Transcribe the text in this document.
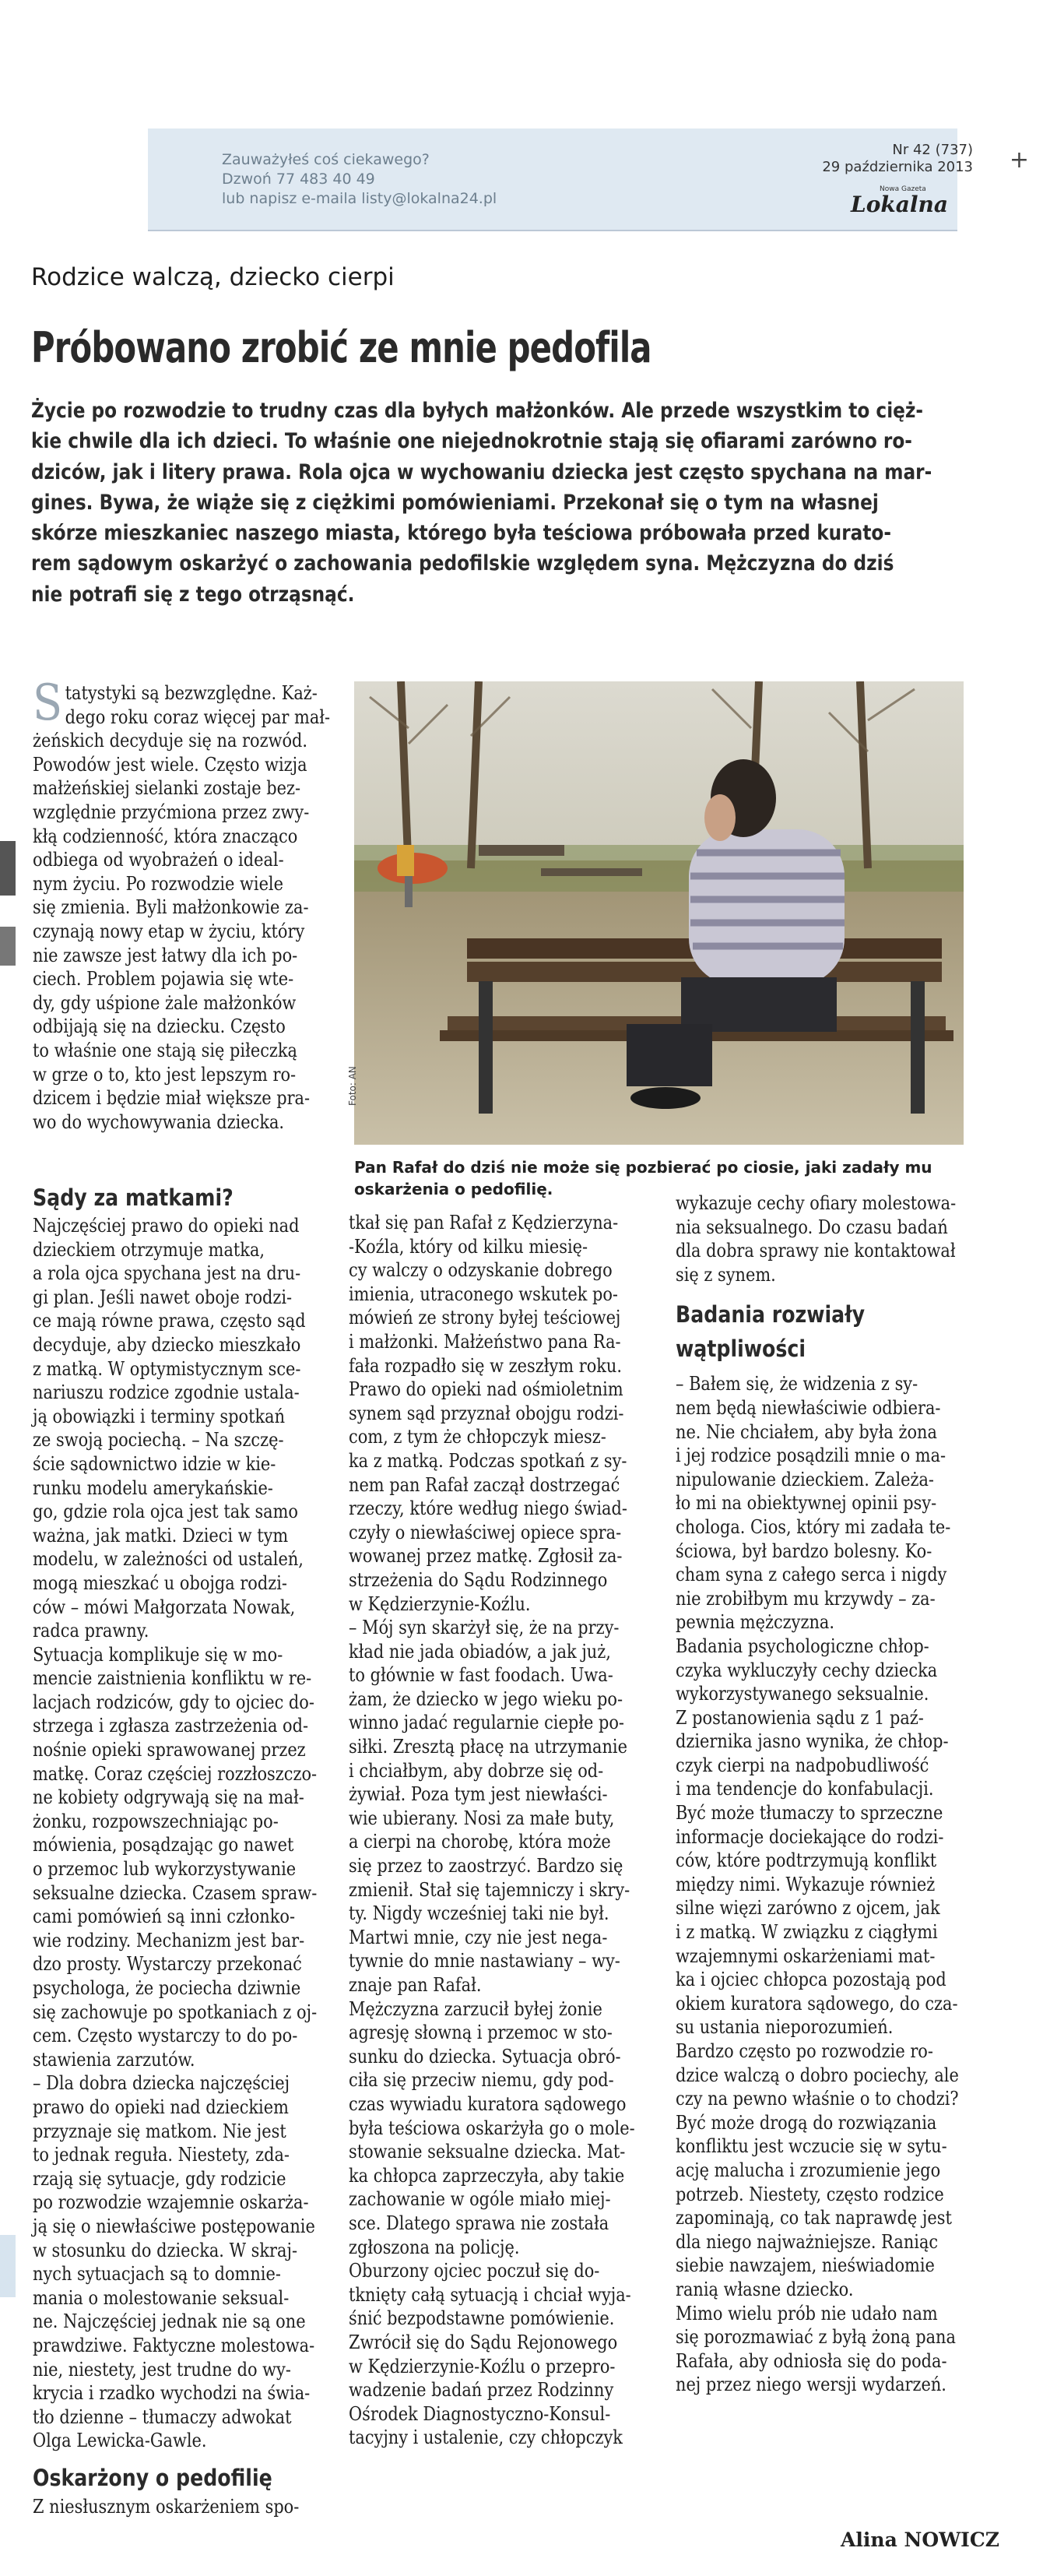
Zauważyłeś coś ciekawego?
Dzwoń 77 483 40 49
lub napisz e-maila listy@lokalna24.pl
Nr 42 (737)
29 października 2013
Nowa Gazeta
Lokalna
+
Rodzice walczą, dziecko cierpi
Próbowano zrobić ze mnie pedofila
Życie po rozwodzie to trudny czas dla byłych małżonków. Ale przede wszystkim to cięż-
kie chwile dla ich dzieci. To właśnie one niejednokrotnie stają się ofiarami zarówno ro-
dziców, jak i litery prawa. Rola ojca w wychowaniu dziecka jest często spychana na mar-
gines. Bywa, że wiąże się z ciężkimi pomówieniami. Przekonał się o tym na własnej
skórze mieszkaniec naszego miasta, którego była teściowa próbowała przed kurato-
rem sądowym oskarżyć o zachowania pedofilskie względem syna. Mężczyzna do dziś
nie potrafi się z tego otrząsnąć.
S tatystyki są bezwzględne. Każ-
dego roku coraz więcej par mał-
żeńskich decyduje się na rozwód.
Powodów jest wiele. Często wizja
małżeńskiej sielanki zostaje bez-
względnie przyćmiona przez zwy-
kłą codzienność, która znacząco
odbiega od wyobrażeń o ideal-
nym życiu. Po rozwodzie wiele
się zmienia. Byli małżonkowie za-
czynają nowy etap w życiu, który
nie zawsze jest łatwy dla ich po-
ciech. Problem pojawia się wte-
dy, gdy uśpione żale małżonków
odbijają się na dziecku. Często
to właśnie one stają się piłeczką
w grze o to, kto jest lepszym ro-
dzicem i będzie miał większe pra-
wo do wychowywania dziecka.
Foto: AN
Pan Rafał do dziś nie może się pozbierać po ciosie, jaki zadały mu
oskarżenia o pedofilię.
Sądy za matkami?
Najczęściej prawo do opieki nad
dzieckiem otrzymuje matka,
a rola ojca spychana jest na dru-
gi plan. Jeśli nawet oboje rodzi-
ce mają równe prawa, często sąd
decyduje, aby dziecko mieszkało
z matką. W optymistycznym sce-
nariuszu rodzice zgodnie ustala-
ją obowiązki i terminy spotkań
ze swoją pociechą. – Na szczę-
ście sądownictwo idzie w kie-
runku modelu amerykańskie-
go, gdzie rola ojca jest tak samo
ważna, jak matki. Dzieci w tym
modelu, w zależności od ustaleń,
mogą mieszkać u obojga rodzi-
ców – mówi Małgorzata Nowak,
radca prawny.
Sytuacja komplikuje się w mo-
mencie zaistnienia konfliktu w re-
lacjach rodziców, gdy to ojciec do-
strzega i zgłasza zastrzeżenia od-
nośnie opieki sprawowanej przez
matkę. Coraz częściej rozzłoszczo-
ne kobiety odgrywają się na mał-
żonku, rozpowszechniając po-
mówienia, posądzając go nawet
o przemoc lub wykorzystywanie
seksualne dziecka. Czasem spraw-
cami pomówień są inni członko-
wie rodziny. Mechanizm jest bar-
dzo prosty. Wystarczy przekonać
psychologa, że pociecha dziwnie
się zachowuje po spotkaniach z oj-
cem. Często wystarczy to do po-
stawienia zarzutów.
– Dla dobra dziecka najczęściej
prawo do opieki nad dzieckiem
przyznaje się matkom. Nie jest
to jednak reguła. Niestety, zda-
rzają się sytuacje, gdy rodzicie
po rozwodzie wzajemnie oskarża-
ją się o niewłaściwe postępowanie
w stosunku do dziecka. W skraj-
nych sytuacjach są to domnie-
mania o molestowanie seksual-
ne. Najczęściej jednak nie są one
prawdziwe. Faktyczne molestowa-
nie, niestety, jest trudne do wy-
krycia i rzadko wychodzi na świa-
tło dzienne – tłumaczy adwokat
Olga Lewicka-Gawle.
Oskarżony o pedofilię
Z niesłusznym oskarżeniem spo-
tkał się pan Rafał z Kędzierzyna-
-Koźla, który od kilku miesię-
cy walczy o odzyskanie dobrego
imienia, utraconego wskutek po-
mówień ze strony byłej teściowej
i małżonki. Małżeństwo pana Ra-
fała rozpadło się w zeszłym roku.
Prawo do opieki nad ośmioletnim
synem sąd przyznał obojgu rodzi-
com, z tym że chłopczyk miesz-
ka z matką. Podczas spotkań z sy-
nem pan Rafał zaczął dostrzegać
rzeczy, które według niego świad-
czyły o niewłaściwej opiece spra-
wowanej przez matkę. Zgłosił za-
strzeżenia do Sądu Rodzinnego
w Kędzierzynie-Koźlu.
– Mój syn skarżył się, że na przy-
kład nie jada obiadów, a jak już,
to głównie w fast foodach. Uwa-
żam, że dziecko w jego wieku po-
winno jadać regularnie ciepłe po-
siłki. Zresztą płacę na utrzymanie
i chciałbym, aby dobrze się od-
żywiał. Poza tym jest niewłaści-
wie ubierany. Nosi za małe buty,
a cierpi na chorobę, która może
się przez to zaostrzyć. Bardzo się
zmienił. Stał się tajemniczy i skry-
ty. Nigdy wcześniej taki nie był.
Martwi mnie, czy nie jest nega-
tywnie do mnie nastawiany – wy-
znaje pan Rafał.
Mężczyzna zarzucił byłej żonie
agresję słowną i przemoc w sto-
sunku do dziecka. Sytuacja obró-
ciła się przeciw niemu, gdy pod-
czas wywiadu kuratora sądowego
była teściowa oskarżyła go o mole-
stowanie seksualne dziecka. Mat-
ka chłopca zaprzeczyła, aby takie
zachowanie w ogóle miało miej-
sce. Dlatego sprawa nie została
zgłoszona na policję.
Oburzony ojciec poczuł się do-
tknięty całą sytuacją i chciał wyja-
śnić bezpodstawne pomówienie.
Zwrócił się do Sądu Rejonowego
w Kędzierzynie-Koźlu o przepro-
wadzenie badań przez Rodzinny
Ośrodek Diagnostyczno-Konsul-
tacyjny i ustalenie, czy chłopczyk
wykazuje cechy ofiary molestowa-
nia seksualnego. Do czasu badań
dla dobra sprawy nie kontaktował
się z synem.
Badania rozwiały
wątpliwości
– Bałem się, że widzenia z sy-
nem będą niewłaściwie odbiera-
ne. Nie chciałem, aby była żona
i jej rodzice posądzili mnie o ma-
nipulowanie dzieckiem. Zależa-
ło mi na obiektywnej opinii psy-
chologa. Cios, który mi zadała te-
ściowa, był bardzo bolesny. Ko-
cham syna z całego serca i nigdy
nie zrobiłbym mu krzywdy – za-
pewnia mężczyzna.
Badania psychologiczne chłop-
czyka wykluczyły cechy dziecka
wykorzystywanego seksualnie.
Z postanowienia sądu z 1 paź-
dziernika jasno wynika, że chłop-
czyk cierpi na nadpobudliwość
i ma tendencje do konfabulacji.
Być może tłumaczy to sprzeczne
informacje dociekające do rodzi-
ców, które podtrzymują konflikt
między nimi. Wykazuje również
silne więzi zarówno z ojcem, jak
i z matką. W związku z ciągłymi
wzajemnymi oskarżeniami mat-
ka i ojciec chłopca pozostają pod
okiem kuratora sądowego, do cza-
su ustania nieporozumień.
Bardzo często po rozwodzie ro-
dzice walczą o dobro pociechy, ale
czy na pewno właśnie o to chodzi?
Być może drogą do rozwiązania
konfliktu jest wczucie się w sytu-
ację malucha i zrozumienie jego
potrzeb. Niestety, często rodzice
zapominają, co tak naprawdę jest
dla niego najważniejsze. Raniąc
siebie nawzajem, nieświadomie
ranią własne dziecko.
Mimo wielu prób nie udało nam
się porozmawiać z byłą żoną pana
Rafała, aby odniosła się do poda-
nej przez niego wersji wydarzeń.
Alina NOWICZ
